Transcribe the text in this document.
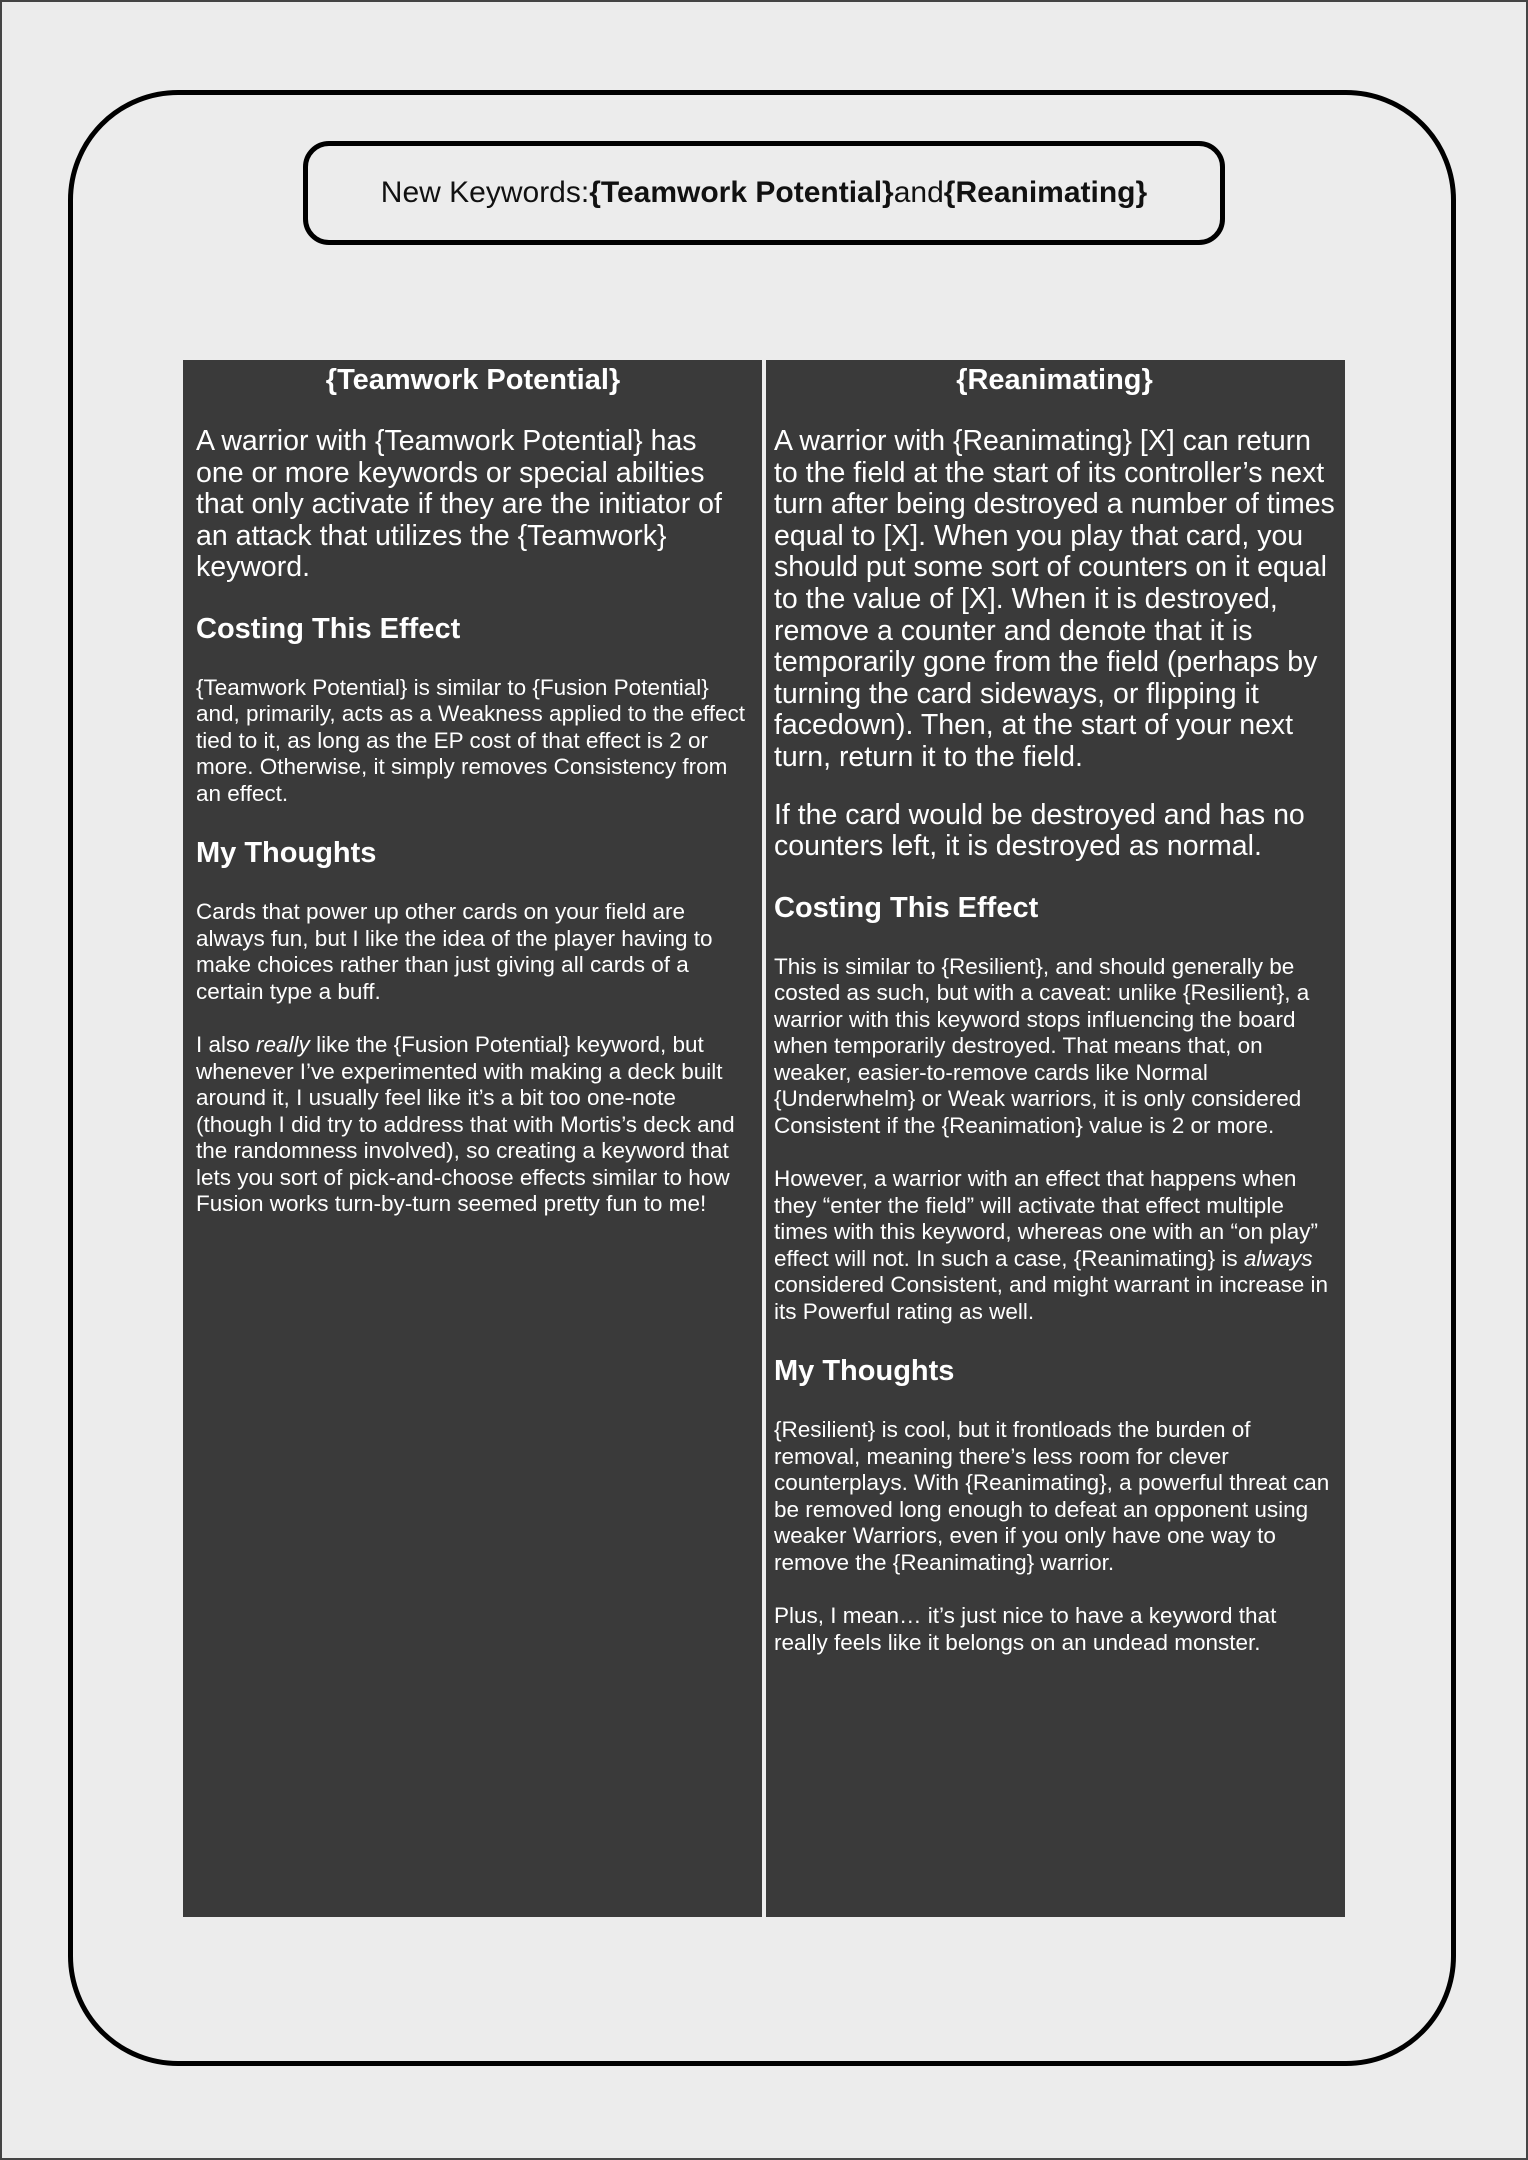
New Keywords: {Teamwork Potential} and {Reanimating}
{Teamwork Potential}

A warrior with {Teamwork Potential} has one or more keywords or special abilties that only activate if they are the initiator of an attack that utilizes the {Teamwork} keyword.

Costing This Effect

{Teamwork Potential} is similar to {Fusion Potential} and, primarily, acts as a Weakness applied to the effect tied to it, as long as the EP cost of that effect is 2 or more. Otherwise, it simply removes Consistency from an effect.

My Thoughts

Cards that power up other cards on your field are always fun, but I like the idea of the player having to make choices rather than just giving all cards of a certain type a buff.

I also really like the {Fusion Potential} keyword, but whenever I’ve experimented with making a deck built around it, I usually feel like it’s a bit too one-note (though I did try to address that with Mortis’s deck and the randomness involved), so creating a keyword that lets you sort of pick-and-choose effects similar to how Fusion works turn-by-turn seemed pretty fun to me!

{Reanimating}

A warrior with {Reanimating} [X] can return to the field at the start of its controller’s next turn after being destroyed a number of times equal to [X]. When you play that card, you should put some sort of counters on it equal to the value of [X]. When it is destroyed, remove a counter and denote that it is temporarily gone from the field (perhaps by turning the card sideways, or flipping it facedown). Then, at the start of your next turn, return it to the field.

If the card would be destroyed and has no counters left, it is destroyed as normal.

Costing This Effect

This is similar to {Resilient}, and should generally be costed as such, but with a caveat: unlike {Resilient}, a warrior with this keyword stops influencing the board when temporarily destroyed. That means that, on weaker, easier-to-remove cards like Normal {Underwhelm} or Weak warriors, it is only considered Consistent if the {Reanimation} value is 2 or more.

However, a warrior with an effect that happens when they “enter the field” will activate that effect multiple times with this keyword, whereas one with an “on play” effect will not. In such a case, {Reanimating} is always considered Consistent, and might warrant in increase in its Powerful rating as well.

My Thoughts

{Resilient} is cool, but it frontloads the burden of removal, meaning there’s less room for clever counterplays. With {Reanimating}, a powerful threat can be removed long enough to defeat an opponent using weaker Warriors, even if you only have one way to remove the {Reanimating} warrior.

Plus, I mean… it’s just nice to have a keyword that really feels like it belongs on an undead monster.
